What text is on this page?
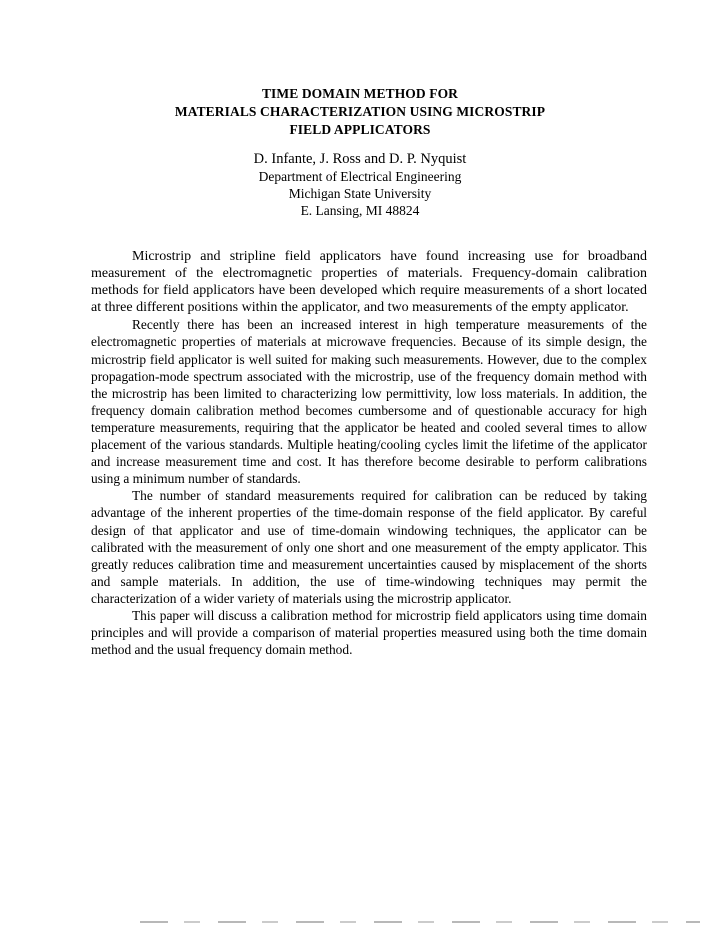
TIME DOMAIN METHOD FOR
MATERIALS CHARACTERIZATION USING MICROSTRIP
FIELD APPLICATORS
D. Infante, J. Ross and D. P. Nyquist
Department of Electrical Engineering
Michigan State University
E. Lansing, MI 48824

Microstrip and stripline field applicators have found increasing use for broadband measurement of the electromagnetic properties of materials. Frequency-domain calibration methods for field applicators have been developed which require measurements of a short located at three different positions within the applicator, and two measurements of the empty applicator.

Recently there has been an increased interest in high temperature measurements of the electromagnetic properties of materials at microwave frequencies. Because of its simple design, the microstrip field applicator is well suited for making such measurements. However, due to the complex propagation-mode spectrum associated with the microstrip, use of the frequency domain method with the microstrip has been limited to characterizing low permittivity, low loss materials. In addition, the frequency domain calibration method becomes cumbersome and of questionable accuracy for high temperature measurements, requiring that the applicator be heated and cooled several times to allow placement of the various standards. Multiple heating/cooling cycles limit the lifetime of the applicator and increase measurement time and cost. It has therefore become desirable to perform calibrations using a minimum number of standards.

The number of standard measurements required for calibration can be reduced by taking advantage of the inherent properties of the time-domain response of the field applicator. By careful design of that applicator and use of time-domain windowing techniques, the applicator can be calibrated with the measurement of only one short and one measurement of the empty applicator. This greatly reduces calibration time and measurement uncertainties caused by misplacement of the shorts and sample materials. In addition, the use of time-windowing techniques may permit the characterization of a wider variety of materials using the microstrip applicator.

This paper will discuss a calibration method for microstrip field applicators using time domain principles and will provide a comparison of material properties measured using both the time domain method and the usual frequency domain method.
